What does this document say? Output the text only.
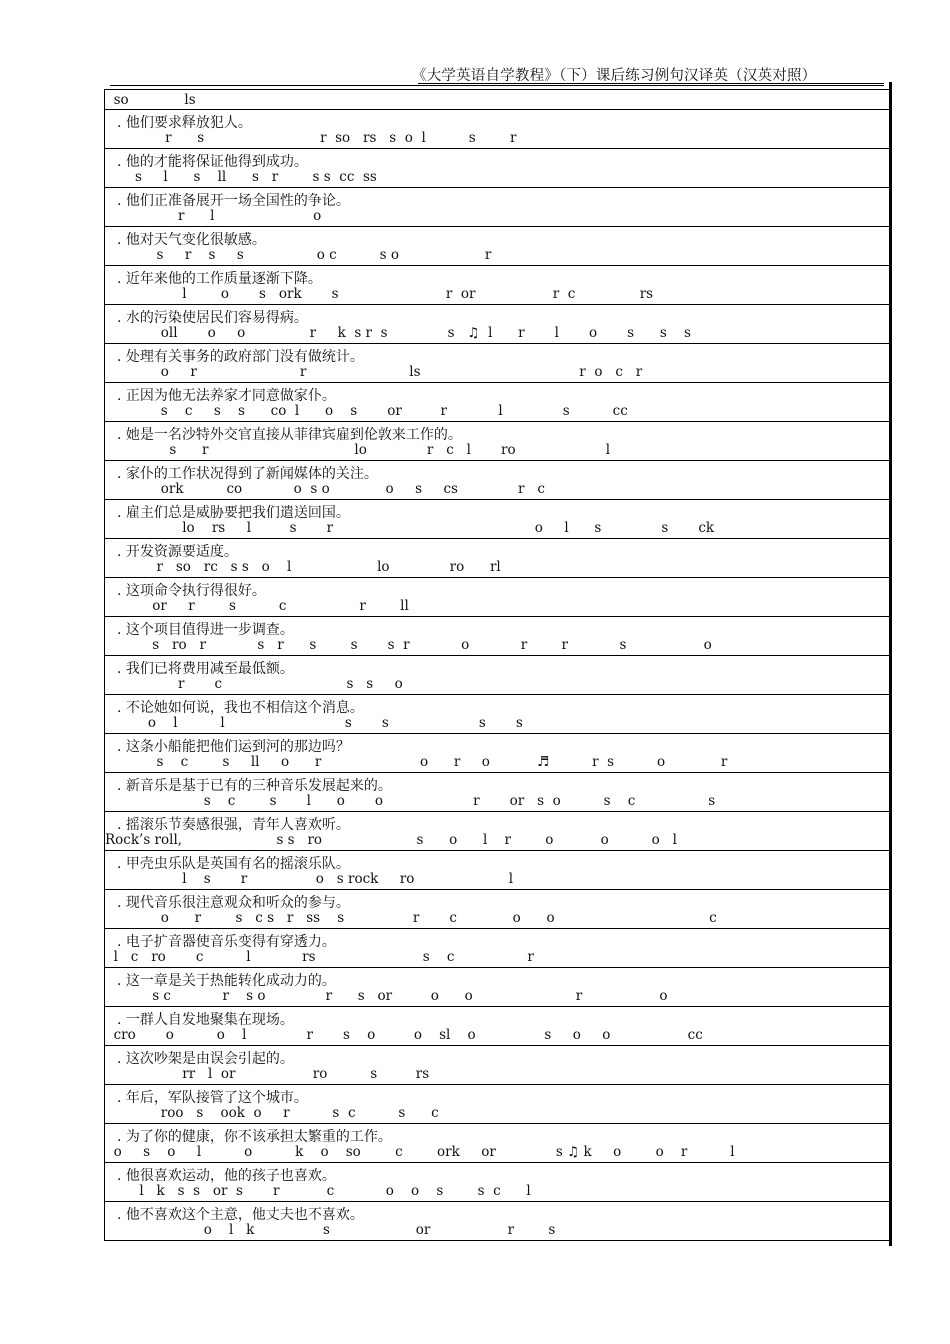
《大学英语自学教程》（下）课后练习例句汉译英（汉英对照）
so             ls
. 他们要求释放犯人。
r      s                           r  so   rs   s  o  l          s        r
. 他的才能将保证他得到成功。
s     l      s    ll      s   r        s s  cc  ss
. 他们正准备展开一场全国性的争论。
r      l                       o
. 他对天气变化很敏感。
s     r    s     s                 o c          s o                    r
. 近年来他的工作质量逐渐下降。
l        o       s   ork       s                         r  or                  r  c               rs
. 水的污染使居民们容易得病。
oll       o     o               r     k  s r  s              s   ♫  l      r       l       o       s      s    s
. 处理有关事务的政府部门没有做统计。
o     r                        r                        ls                                     r  o   c   r
. 正因为他无法养家才同意做家仆。
s    c     s    s      co  l      o    s       or         r            l              s          cc
. 她是一名沙特外交官直接从菲律宾雇到伦敦来工作的。
s      r                                  lo              r   c   l       ro                     l
. 家仆的工作状况得到了新闻媒体的关注。
ork          co            o  s o             o     s     cs              r   c
. 雇主们总是威胁要把我们遣送回国。
lo    rs     l         s       r                                               o     l      s              s       ck
. 开发资源要适度。
r   so   rc   s s   o    l                    lo              ro      rl
. 这项命令执行得很好。
or     r        s          c                 r        ll
. 这个项目值得进一步调查。
s   ro   r            s   r      s        s       s  r            o            r        r            s                  o
. 我们已将费用减至最低额。
r       c                             s   s     o
. 不论她如何说，我也不相信这个消息。
o    l          l                            s       s                     s       s
. 这条小船能把他们运到河的那边吗？
s    c        s     ll     o      r                       o      r     o           ♬          r  s          o             r
. 新音乐是基于已有的三种音乐发展起来的。
s    c        s       l      o       o                     r       or   s  o          s    c                 s
. 摇滚乐节奏感很强，青年人喜欢听。
Rock’s roll,                      s s   ro                      s      o      l    r        o           o          o   l
. 甲壳虫乐队是英国有名的摇滚乐队。
l    s       r                o   s rock     ro                      l
. 现代音乐很注意观众和听众的参与。
o      r        s   c s   r   ss    s                r       c             o      o                                    c
. 电子扩音器使音乐变得有穿透力。
l   c   ro       c          l            rs                         s    c                 r
. 这一章是关于热能转化成动力的。
s c            r    s o              r      s   or         o      o                        r                  o
. 一群人自发地聚集在现场。
cro       o          o    l              r       s    o         o    sl    o                s     o     o                  cc
. 这次吵架是由误会引起的。
rr   l  or                  ro          s         rs
. 年后，军队接管了这个城市。
roo   s    ook  o     r          s  c          s      c
. 为了你的健康，你不该承担太繁重的工作。
o     s    o     l          o          k    o    so        c        ork     or              s ♫ k     o        o    r          l
. 他很喜欢运动，他的孩子也喜欢。
l   k   s  s   or  s       r           c            o    o    s        s  c      l
. 他不喜欢这个主意，他丈夫也不喜欢。
o    l   k                s                    or                  r        s
